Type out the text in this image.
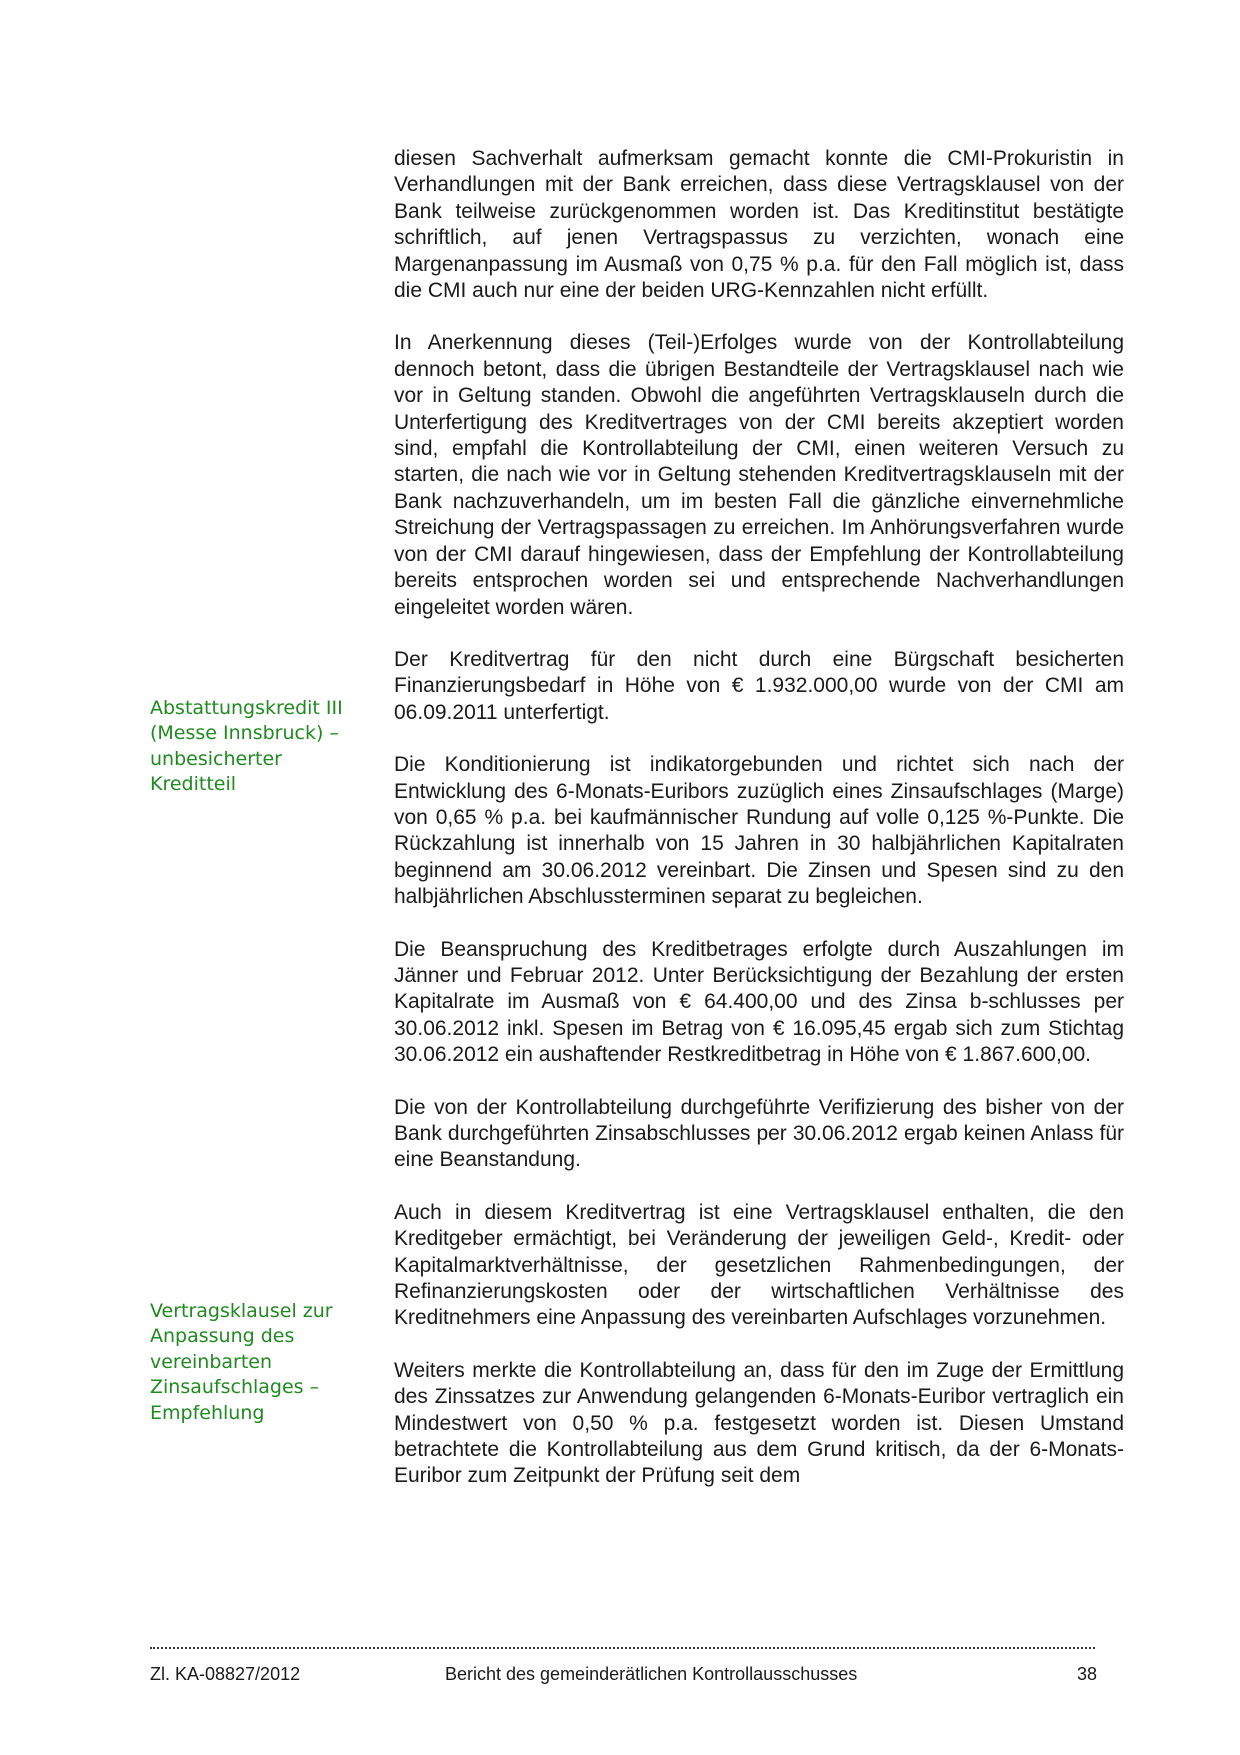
diesen Sachverhalt aufmerksam gemacht konnte die CMI-Prokuristin in Verhandlungen mit der Bank erreichen, dass diese Vertragsklausel von der Bank teilweise zurückgenommen worden ist. Das Kreditinstitut bestätigte schriftlich, auf jenen Vertragspassus zu verzichten, wonach eine Margenanpassung im Ausmaß von 0,75 % p.a. für den Fall möglich ist, dass die CMI auch nur eine der beiden URG-Kennzahlen nicht erfüllt.

In Anerkennung dieses (Teil-)Erfolges wurde von der Kontrollabteilung dennoch betont, dass die übrigen Bestandteile der Vertragsklausel nach wie vor in Geltung standen. Obwohl die angeführten Vertragsklauseln durch die Unterfertigung des Kreditvertrages von der CMI bereits akzeptiert worden sind, empfahl die Kontrollabteilung der CMI, einen weiteren Versuch zu starten, die nach wie vor in Geltung stehenden Kreditvertragsklauseln mit der Bank nachzuverhandeln, um im besten Fall die gänzliche einvernehmliche Streichung der Vertragspassagen zu erreichen. Im Anhörungsverfahren wurde von der CMI darauf hingewiesen, dass der Empfehlung der Kontrollabteilung bereits entsprochen worden sei und entsprechende Nachverhandlungen eingeleitet worden wären.

Der Kreditvertrag für den nicht durch eine Bürgschaft besicherten Finanzierungsbedarf in Höhe von € 1.932.000,00 wurde von der CMI am 06.09.2011 unterfertigt.

Die Konditionierung ist indikatorgebunden und richtet sich nach der Entwicklung des 6-Monats-Euribors zuzüglich eines Zinsaufschlages (Marge) von 0,65 % p.a. bei kaufmännischer Rundung auf volle 0,125 %-Punkte. Die Rückzahlung ist innerhalb von 15 Jahren in 30 halbjährlichen Kapitalraten beginnend am 30.06.2012 vereinbart. Die Zinsen und Spesen sind zu den halbjährlichen Abschlussterminen separat zu begleichen.

Die Beanspruchung des Kreditbetrages erfolgte durch Auszahlungen im Jänner und Februar 2012. Unter Berücksichtigung der Bezahlung der ersten Kapitalrate im Ausmaß von € 64.400,00 und des Zinsa b-schlusses per 30.06.2012 inkl. Spesen im Betrag von € 16.095,45 ergab sich zum Stichtag 30.06.2012 ein aushaftender Restkreditbetrag in Höhe von € 1.867.600,00.

Die von der Kontrollabteilung durchgeführte Verifizierung des bisher von der Bank durchgeführten Zinsabschlusses per 30.06.2012 ergab keinen Anlass für eine Beanstandung.

Auch in diesem Kreditvertrag ist eine Vertragsklausel enthalten, die den Kreditgeber ermächtigt, bei Veränderung der jeweiligen Geld-, Kredit- oder Kapitalmarktverhältnisse, der gesetzlichen Rahmenbedingungen, der Refinanzierungskosten oder der wirtschaftlichen Verhältnisse des Kreditnehmers eine Anpassung des vereinbarten Aufschlages vorzunehmen.

Weiters merkte die Kontrollabteilung an, dass für den im Zuge der Ermittlung des Zinssatzes zur Anwendung gelangenden 6-Monats-Euribor vertraglich ein Mindestwert von 0,50 % p.a. festgesetzt worden ist. Diesen Umstand betrachtete die Kontrollabteilung aus dem Grund kritisch, da der 6-Monats-Euribor zum Zeitpunkt der Prüfung seit dem

Abstattungskredit III
(Messe Innsbruck) –
unbesicherter
Kreditteil
Vertragsklausel zur
Anpassung des
vereinbarten
Zinsaufschlages –
Empfehlung
Zl. KA-08827/2012	Bericht des gemeinderätlichen Kontrollausschusses	38
